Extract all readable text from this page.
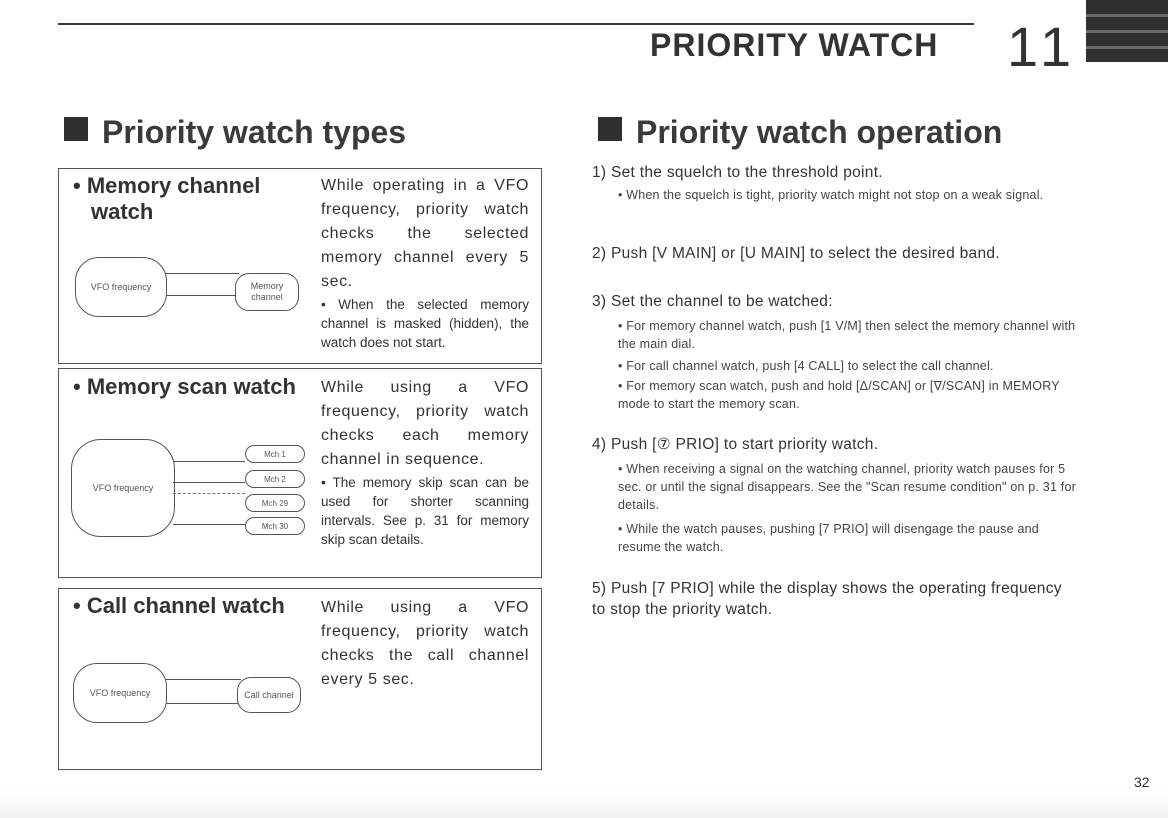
PRIORITY WATCH 11
Priority watch types
• Memory channel
watch
While operating in a VFO frequency, priority watch checks the selected memory channel every 5 sec.
• When the selected memory channel is masked (hidden), the watch does not start.
VFO frequency	Memory channel
• Memory scan watch	While using a VFO frequency, priority watch checks each memory channel in sequence.
• The memory skip scan can be used for shorter scanning intervals. See p. 31 for memory skip scan details.
VFO frequency
Mch 1
Mch 2
Mch 29
Mch 30
• Call channel watch	While using a VFO frequency, priority watch checks the call channel every 5 sec.
VFO frequency	Call channel
Priority watch operation
1) Set the squelch to the threshold point.
• When the squelch is tight, priority watch might not stop on a weak signal.
2) Push [V MAIN] or [U MAIN] to select the desired band.
3) Set the channel to be watched:
• For memory channel watch, push [1 V/M] then select the memory channel with the main dial.
• For call channel watch, push [4 CALL] to select the call channel.
• For memory scan watch, push and hold [Δ/SCAN] or [∇/SCAN] in MEMORY mode to start the memory scan.
4) Push [⑦ PRIO] to start priority watch.
• When receiving a signal on the watching channel, priority watch pauses for 5 sec. or until the signal disappears. See the "Scan resume condition" on p. 31 for details.
• While the watch pauses, pushing [7 PRIO] will disengage the pause and resume the watch.
5) Push [7 PRIO] while the display shows the operating frequency to stop the priority watch.
32
